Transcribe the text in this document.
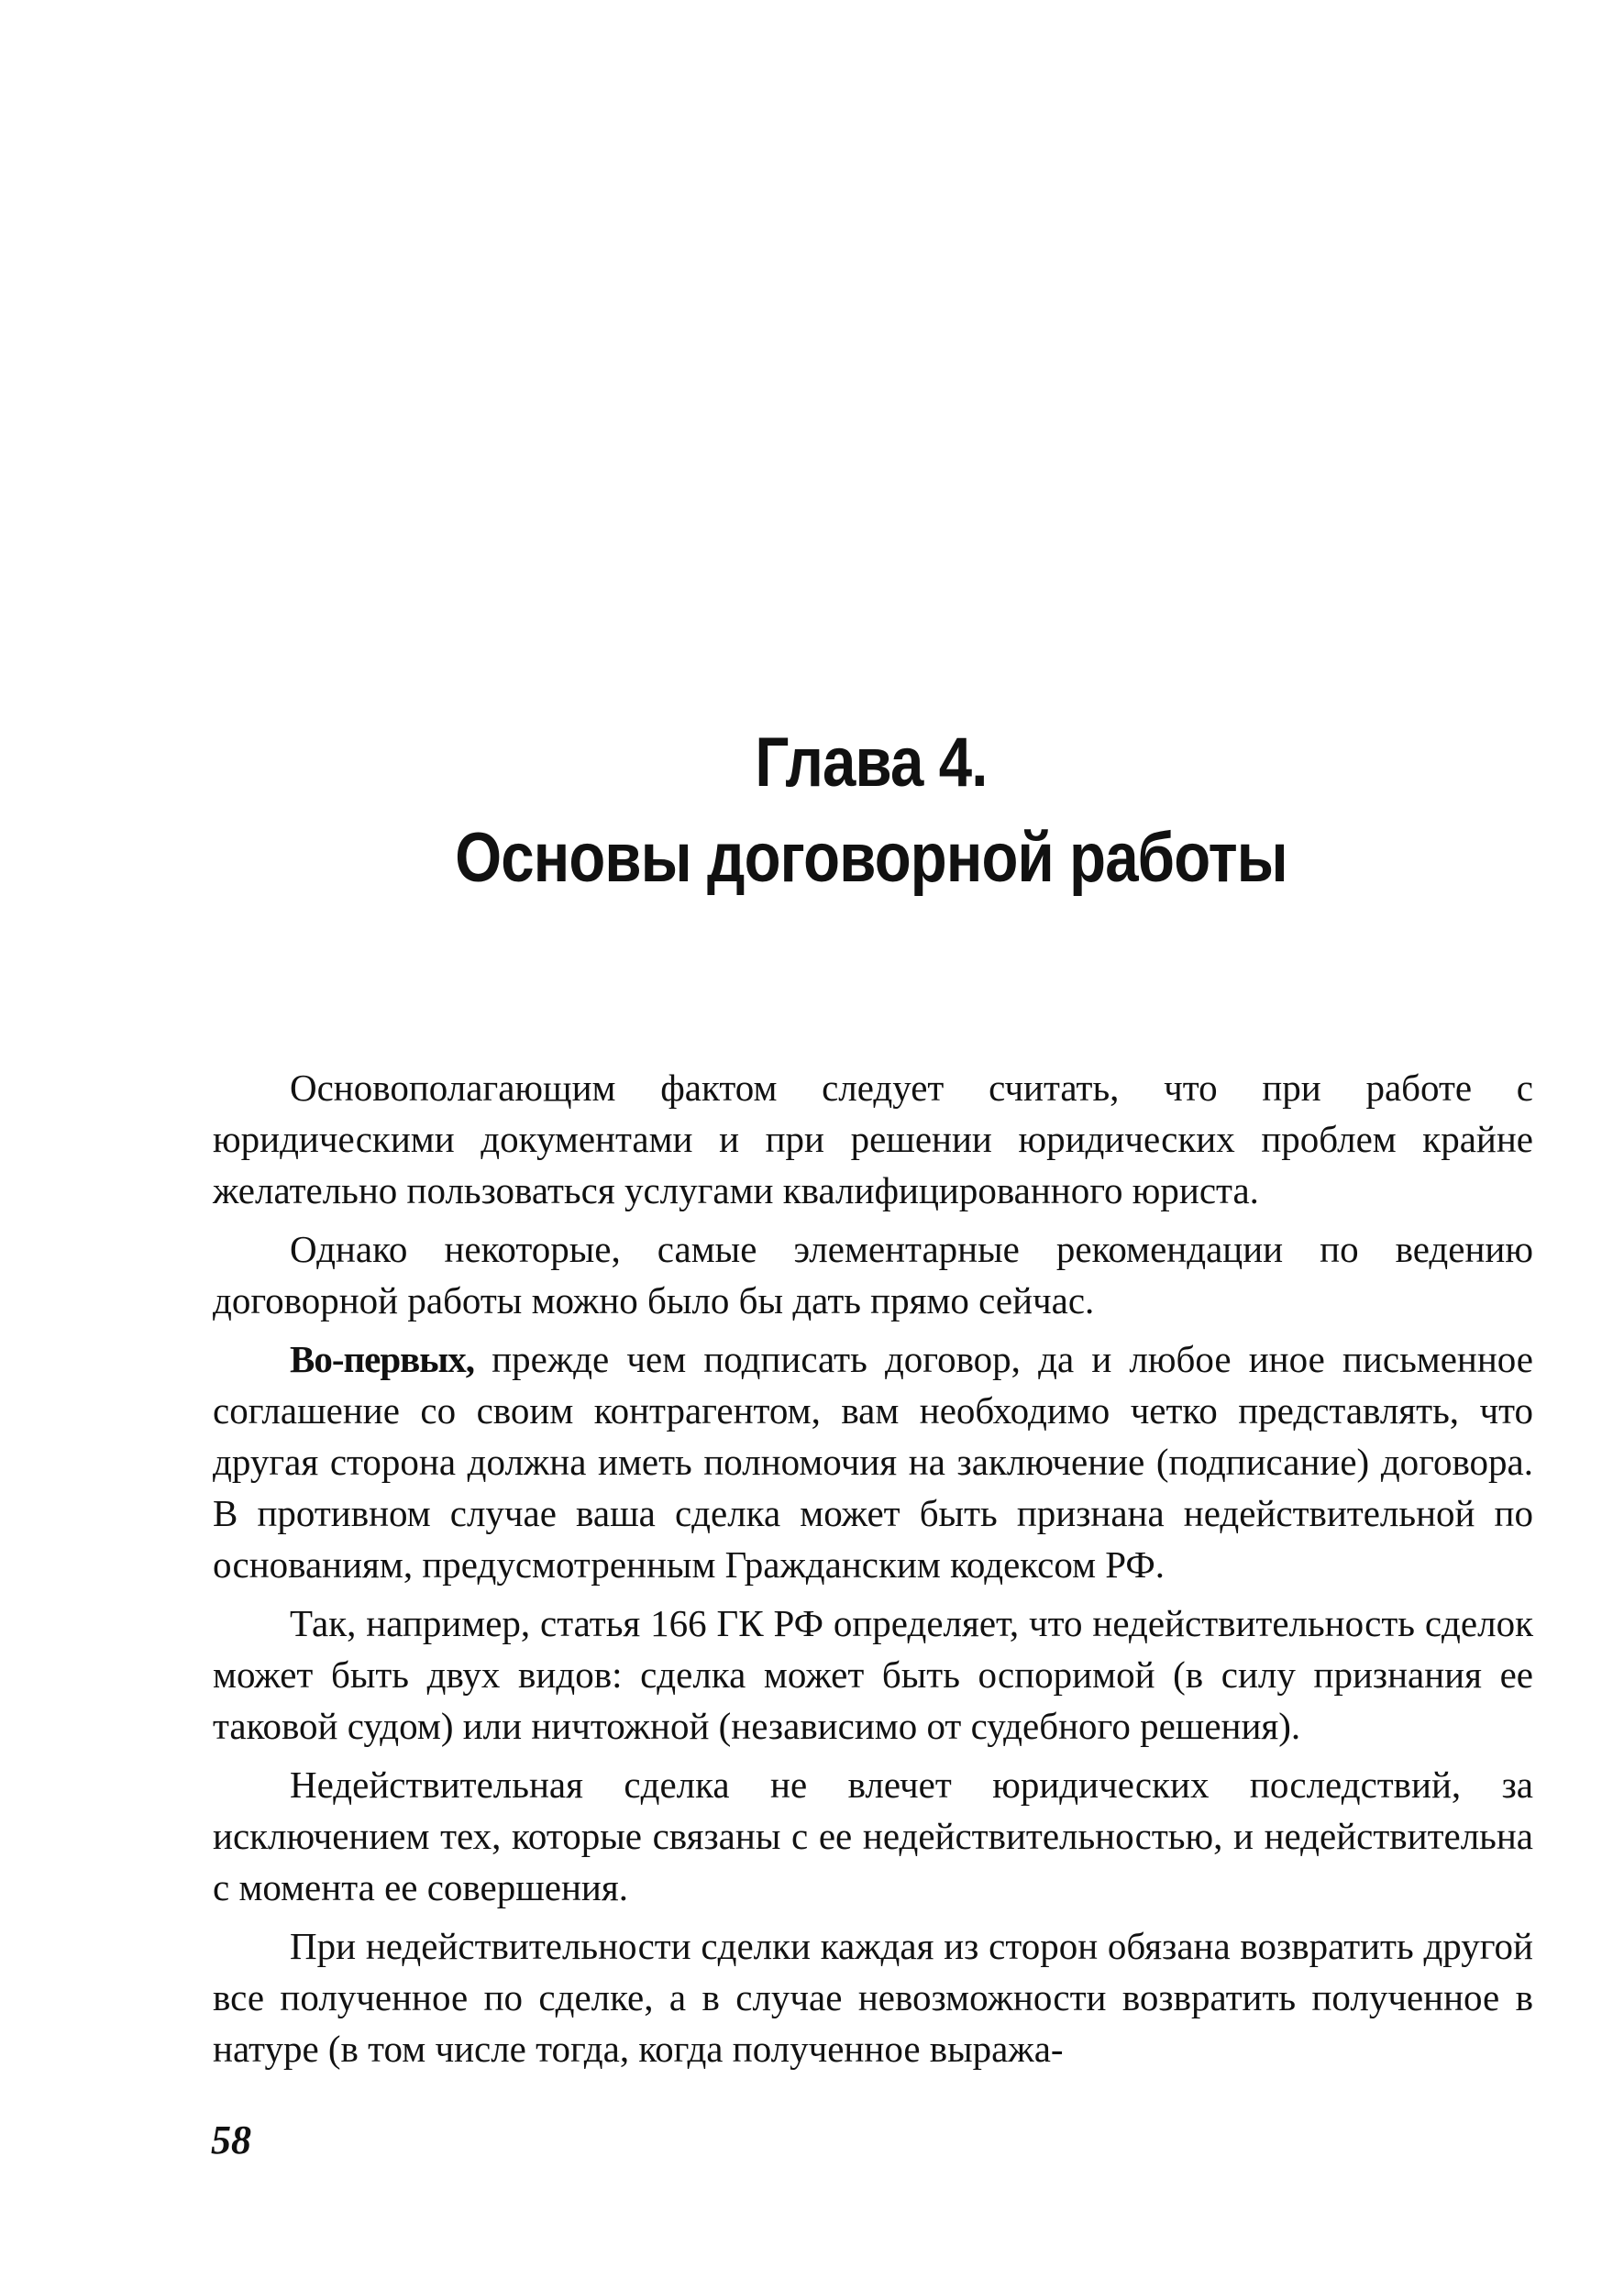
Глава 4.
Основы договорной работы

Основополагающим фактом следует считать, что при работе с юридическими документами и при решении юридических проблем крайне желательно пользоваться услугами квалифицированного юриста.

Однако некоторые, самые элементарные рекомендации по ведению договорной работы можно было бы дать прямо сейчас.

Во-первых, прежде чем подписать договор, да и любое иное письменное соглашение со своим контрагентом, вам необходимо четко представлять, что другая сторона должна иметь полномочия на заключение (подписание) договора. В противном случае ваша сделка может быть признана недействительной по основаниям, предусмотренным Гражданским кодексом РФ.

Так, например, статья 166 ГК РФ определяет, что недействительность сделок может быть двух видов: сделка может быть оспоримой (в силу признания ее таковой судом) или ничтожной (независимо от судебного решения).

Недействительная сделка не влечет юридических последствий, за исключением тех, которые связаны с ее недействительностью, и недействительна с момента ее совершения.

При недействительности сделки каждая из сторон обязана возвратить другой все полученное по сделке, а в случае невозможности возвратить полученное в натуре (в том числе тогда, когда полученное выража-

58
